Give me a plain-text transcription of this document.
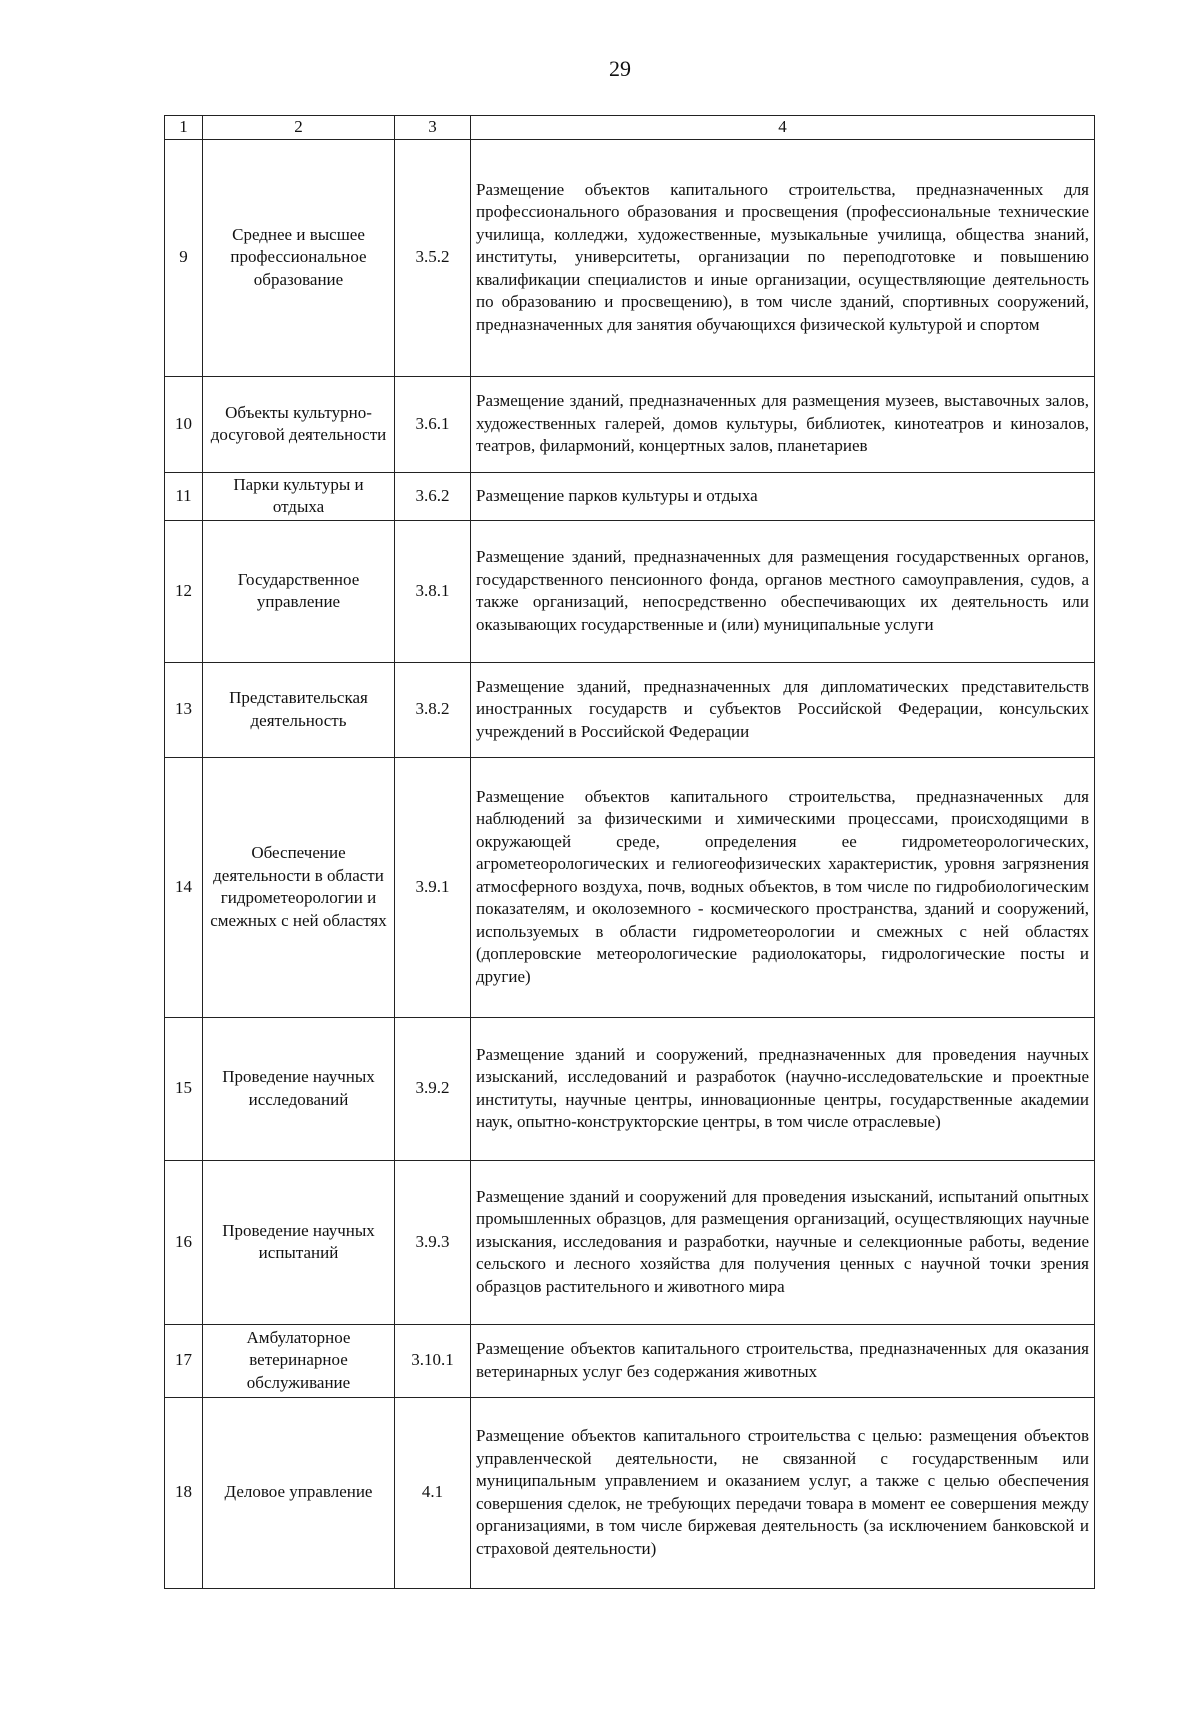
29
1	2	3	4
9	Среднее и высшее профессиональное образование	3.5.2	Размещение объектов капитального строительства, предназначенных для профессионального образования и просвещения (профессиональные технические училища, колледжи, художественные, музыкальные училища, общества знаний, институты, университеты, организации по переподготовке и повышению квалификации специалистов и иные организации, осуществляющие деятельность по образованию и просвещению), в том числе зданий, спортивных сооружений, предназначенных для занятия обучающихся физической культурой и спортом
10	Объекты культурно-досуговой деятельности	3.6.1	Размещение зданий, предназначенных для размещения музеев, выставочных залов, художественных галерей, домов культуры, библиотек, кинотеатров и кинозалов, театров, филармоний, концертных залов, планетариев
11	Парки культуры и отдыха	3.6.2	Размещение парков культуры и отдыха
12	Государственное управление	3.8.1	Размещение зданий, предназначенных для размещения государственных органов, государственного пенсионного фонда, органов местного самоуправления, судов, а также организаций, непосредственно обеспечивающих их деятельность или оказывающих государственные и (или) муниципальные услуги
13	Представительская деятельность	3.8.2	Размещение зданий, предназначенных для дипломатических представительств иностранных государств и субъектов Российской Федерации, консульских учреждений в Российской Федерации
14	Обеспечение деятельности в области гидрометеорологии и смежных с ней областях	3.9.1	Размещение объектов капитального строительства, предназначенных для наблюдений за физическими и химическими процессами, происходящими в окружающей среде, определения ее гидрометеорологических, агрометеорологических и гелиогеофизических характеристик, уровня загрязнения атмосферного воздуха, почв, водных объектов, в том числе по гидробиологическим показателям, и околоземного - космического пространства, зданий и сооружений, используемых в области гидрометеорологии и смежных с ней областях (доплеровские метеорологические радиолокаторы, гидрологические посты и другие)
15	Проведение научных исследований	3.9.2	Размещение зданий и сооружений, предназначенных для проведения научных изысканий, исследований и разработок (научно-исследовательские и проектные институты, научные центры, инновационные центры, государственные академии наук, опытно-конструкторские центры, в том числе отраслевые)
16	Проведение научных испытаний	3.9.3	Размещение зданий и сооружений для проведения изысканий, испытаний опытных промышленных образцов, для размещения организаций, осуществляющих научные изыскания, исследования и разработки, научные и селекционные работы, ведение сельского и лесного хозяйства для получения ценных с научной точки зрения образцов растительного и животного мира
17	Амбулаторное ветеринарное обслуживание	3.10.1	Размещение объектов капитального строительства, предназначенных для оказания ветеринарных услуг без содержания животных
18	Деловое управление	4.1	Размещение объектов капитального строительства с целью: размещения объектов управленческой деятельности, не связанной с государственным или муниципальным управлением и оказанием услуг, а также с целью обеспечения совершения сделок, не требующих передачи товара в момент ее совершения между организациями, в том числе биржевая деятельность (за исключением банковской и страховой деятельности)
